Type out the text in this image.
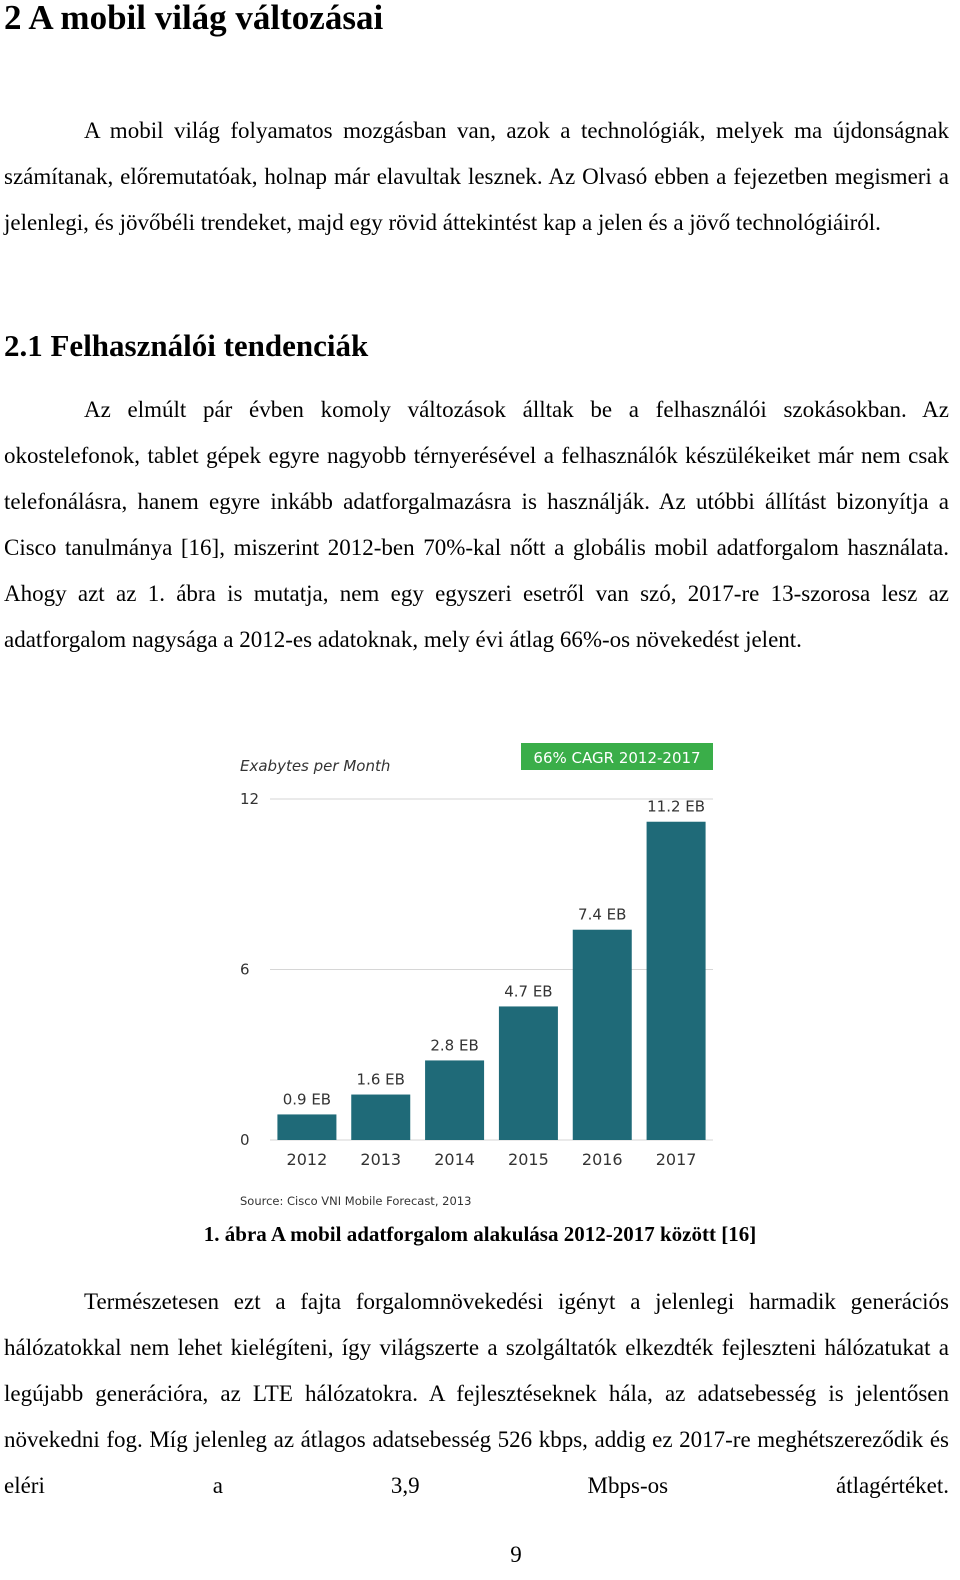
2 A mobil világ változásai

A mobil világ folyamatos mozgásban van, azok a technológiák, melyek ma újdonságnak számítanak, előremutatóak, holnap már elavultak lesznek. Az Olvasó ebben a fejezetben megismeri a jelenlegi, és jövőbéli trendeket, majd egy rövid áttekintést kap a jelen és a jövő technológiáiról.

2.1 Felhasználói tendenciák

Az elmúlt pár évben komoly változások álltak be a felhasználói szokásokban. Az okostelefonok, tablet gépek egyre nagyobb térnyerésével a felhasználók készülékeiket már nem csak telefonálásra, hanem egyre inkább adatforgalmazásra is használják. Az utóbbi állítást bizonyítja a Cisco tanulmánya [16], miszerint 2012-ben 70%-kal nőtt a globális mobil adatforgalom használata. Ahogy azt az 1. ábra is mutatja, nem egy egyszeri esetről van szó, 2017-re 13-szorosa lesz az adatforgalom nagysága a 2012-es adatoknak, mely évi átlag 66%-os növekedést jelent.

Exabytes per Month	66% CAGR 2012-2017
0
6
12
0.9 EB
2012
1.6 EB
2013
2.8 EB
2014
4.7 EB
2015
7.4 EB
2016
11.2 EB
2017
Source: Cisco VNI Mobile Forecast, 2013

1. ábra A mobil adatforgalom alakulása 2012-2017 között [16]

Természetesen ezt a fajta forgalomnövekedési igényt a jelenlegi harmadik generációs hálózatokkal nem lehet kielégíteni, így világszerte a szolgáltatók elkezdték fejleszteni hálózatukat a legújabb generációra, az LTE hálózatokra. A fejlesztéseknek hála, az adatsebesség is jelentősen növekedni fog. Míg jelenleg az átlagos adatsebesség 526 kbps, addig ez 2017-re meghétszereződik és eléri a 3,9 Mbps-os átlagértéket.

9
